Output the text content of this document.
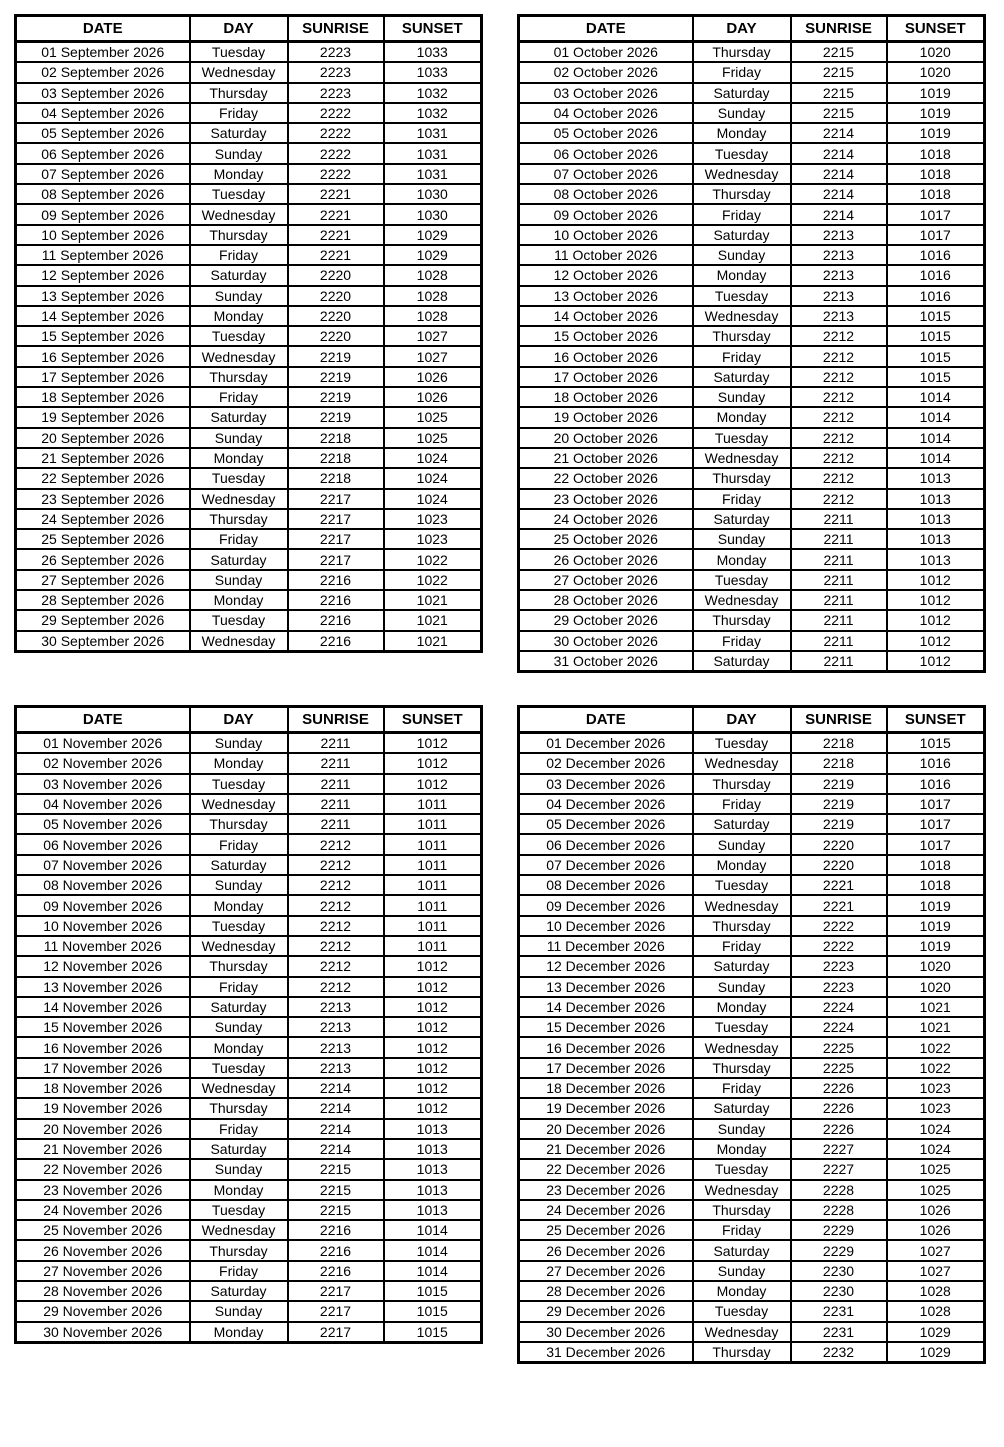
DATE	DAY	SUNRISE	SUNSET
01 September 2026	Tuesday	2223	1033
02 September 2026	Wednesday	2223	1033
03 September 2026	Thursday	2223	1032
04 September 2026	Friday	2222	1032
05 September 2026	Saturday	2222	1031
06 September 2026	Sunday	2222	1031
07 September 2026	Monday	2222	1031
08 September 2026	Tuesday	2221	1030
09 September 2026	Wednesday	2221	1030
10 September 2026	Thursday	2221	1029
11 September 2026	Friday	2221	1029
12 September 2026	Saturday	2220	1028
13 September 2026	Sunday	2220	1028
14 September 2026	Monday	2220	1028
15 September 2026	Tuesday	2220	1027
16 September 2026	Wednesday	2219	1027
17 September 2026	Thursday	2219	1026
18 September 2026	Friday	2219	1026
19 September 2026	Saturday	2219	1025
20 September 2026	Sunday	2218	1025
21 September 2026	Monday	2218	1024
22 September 2026	Tuesday	2218	1024
23 September 2026	Wednesday	2217	1024
24 September 2026	Thursday	2217	1023
25 September 2026	Friday	2217	1023
26 September 2026	Saturday	2217	1022
27 September 2026	Sunday	2216	1022
28 September 2026	Monday	2216	1021
29 September 2026	Tuesday	2216	1021
30 September 2026	Wednesday	2216	1021
DATE	DAY	SUNRISE	SUNSET
01 October 2026	Thursday	2215	1020
02 October 2026	Friday	2215	1020
03 October 2026	Saturday	2215	1019
04 October 2026	Sunday	2215	1019
05 October 2026	Monday	2214	1019
06 October 2026	Tuesday	2214	1018
07 October 2026	Wednesday	2214	1018
08 October 2026	Thursday	2214	1018
09 October 2026	Friday	2214	1017
10 October 2026	Saturday	2213	1017
11 October 2026	Sunday	2213	1016
12 October 2026	Monday	2213	1016
13 October 2026	Tuesday	2213	1016
14 October 2026	Wednesday	2213	1015
15 October 2026	Thursday	2212	1015
16 October 2026	Friday	2212	1015
17 October 2026	Saturday	2212	1015
18 October 2026	Sunday	2212	1014
19 October 2026	Monday	2212	1014
20 October 2026	Tuesday	2212	1014
21 October 2026	Wednesday	2212	1014
22 October 2026	Thursday	2212	1013
23 October 2026	Friday	2212	1013
24 October 2026	Saturday	2211	1013
25 October 2026	Sunday	2211	1013
26 October 2026	Monday	2211	1013
27 October 2026	Tuesday	2211	1012
28 October 2026	Wednesday	2211	1012
29 October 2026	Thursday	2211	1012
30 October 2026	Friday	2211	1012
31 October 2026	Saturday	2211	1012
DATE	DAY	SUNRISE	SUNSET
01 November 2026	Sunday	2211	1012
02 November 2026	Monday	2211	1012
03 November 2026	Tuesday	2211	1012
04 November 2026	Wednesday	2211	1011
05 November 2026	Thursday	2211	1011
06 November 2026	Friday	2212	1011
07 November 2026	Saturday	2212	1011
08 November 2026	Sunday	2212	1011
09 November 2026	Monday	2212	1011
10 November 2026	Tuesday	2212	1011
11 November 2026	Wednesday	2212	1011
12 November 2026	Thursday	2212	1012
13 November 2026	Friday	2212	1012
14 November 2026	Saturday	2213	1012
15 November 2026	Sunday	2213	1012
16 November 2026	Monday	2213	1012
17 November 2026	Tuesday	2213	1012
18 November 2026	Wednesday	2214	1012
19 November 2026	Thursday	2214	1012
20 November 2026	Friday	2214	1013
21 November 2026	Saturday	2214	1013
22 November 2026	Sunday	2215	1013
23 November 2026	Monday	2215	1013
24 November 2026	Tuesday	2215	1013
25 November 2026	Wednesday	2216	1014
26 November 2026	Thursday	2216	1014
27 November 2026	Friday	2216	1014
28 November 2026	Saturday	2217	1015
29 November 2026	Sunday	2217	1015
30 November 2026	Monday	2217	1015
DATE	DAY	SUNRISE	SUNSET
01 December 2026	Tuesday	2218	1015
02 December 2026	Wednesday	2218	1016
03 December 2026	Thursday	2219	1016
04 December 2026	Friday	2219	1017
05 December 2026	Saturday	2219	1017
06 December 2026	Sunday	2220	1017
07 December 2026	Monday	2220	1018
08 December 2026	Tuesday	2221	1018
09 December 2026	Wednesday	2221	1019
10 December 2026	Thursday	2222	1019
11 December 2026	Friday	2222	1019
12 December 2026	Saturday	2223	1020
13 December 2026	Sunday	2223	1020
14 December 2026	Monday	2224	1021
15 December 2026	Tuesday	2224	1021
16 December 2026	Wednesday	2225	1022
17 December 2026	Thursday	2225	1022
18 December 2026	Friday	2226	1023
19 December 2026	Saturday	2226	1023
20 December 2026	Sunday	2226	1024
21 December 2026	Monday	2227	1024
22 December 2026	Tuesday	2227	1025
23 December 2026	Wednesday	2228	1025
24 December 2026	Thursday	2228	1026
25 December 2026	Friday	2229	1026
26 December 2026	Saturday	2229	1027
27 December 2026	Sunday	2230	1027
28 December 2026	Monday	2230	1028
29 December 2026	Tuesday	2231	1028
30 December 2026	Wednesday	2231	1029
31 December 2026	Thursday	2232	1029
